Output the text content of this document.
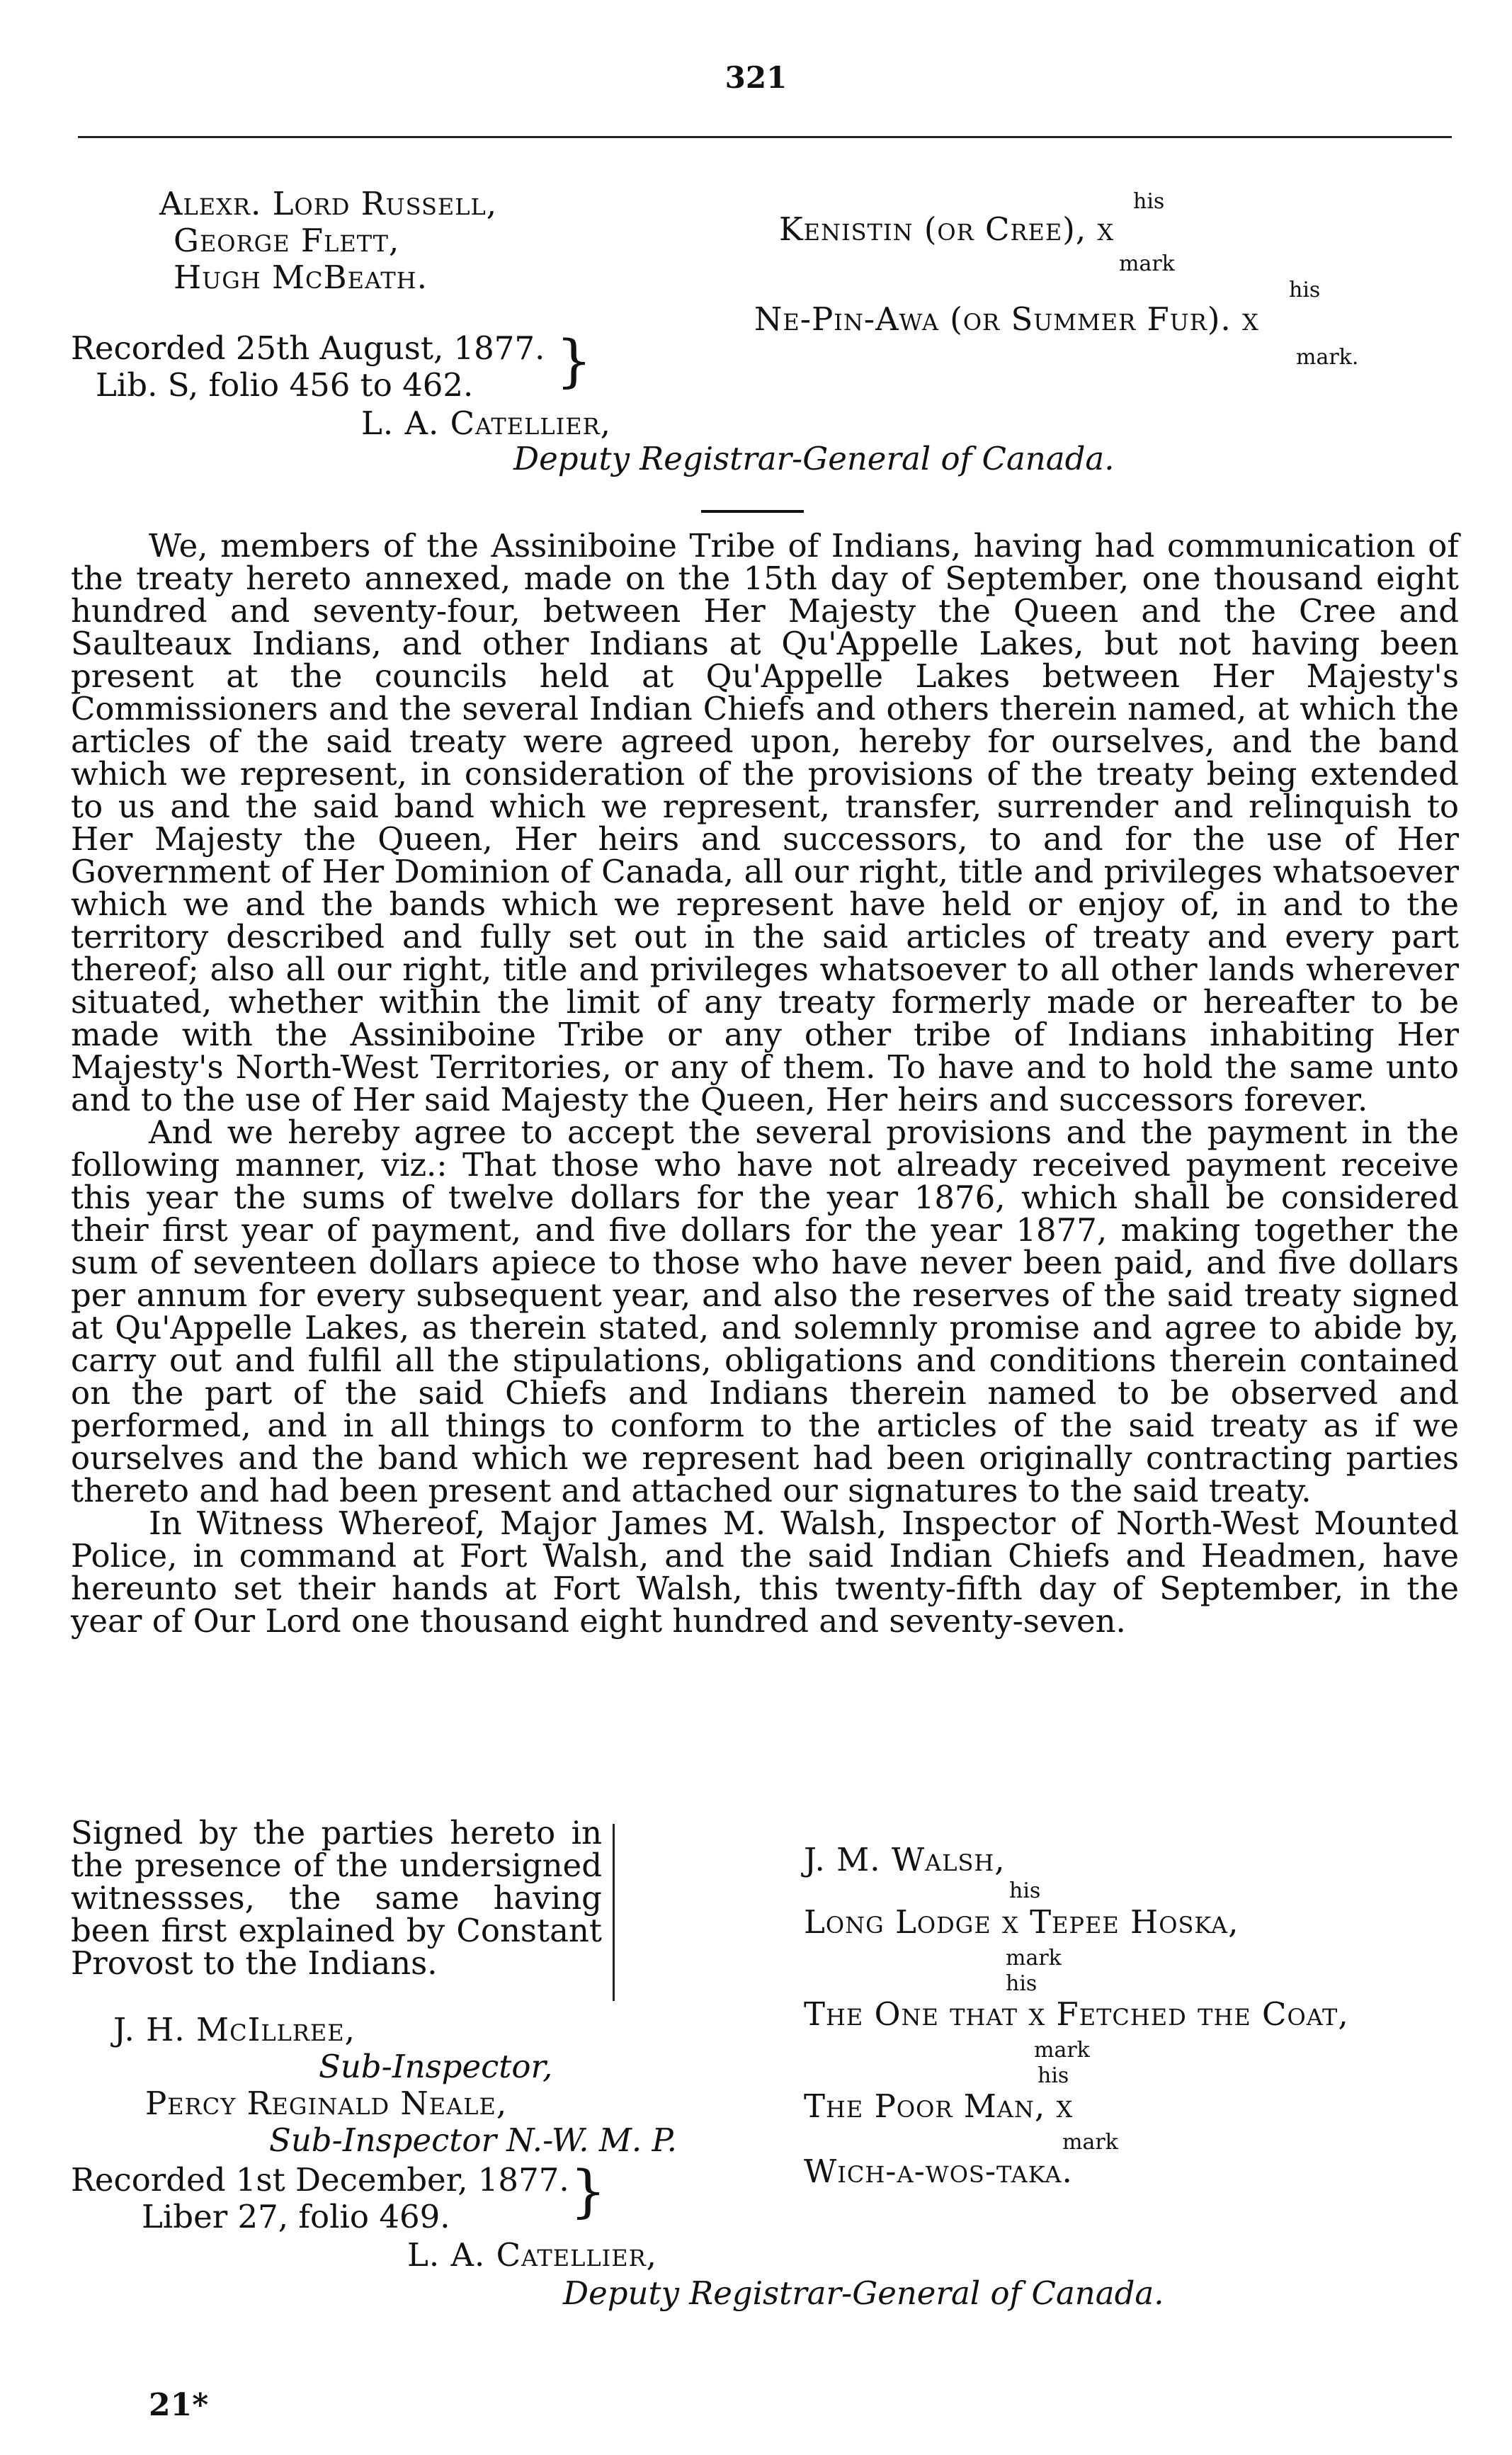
321
Alexr. Lord Russell,
George Flett,
Hugh McBeath.
Recorded 25th August, 1877.
Lib. S, folio 456 to 462. }
L. A. Catellier,
Deputy Registrar-General of Canada.
his
Kenistin (or Cree), x
mark
his
Ne-Pin-Awa (or Summer Fur). x
mark.

We, members of the Assiniboine Tribe of Indians, having had communication of the treaty hereto annexed, made on the 15th day of September, one thousand eight hundred and seventy-four, between Her Majesty the Queen and the Cree and Saulteaux Indians, and other Indians at Qu'Appelle Lakes, but not having been present at the councils held at Qu'Appelle Lakes between Her Majesty's Commissioners and the several Indian Chiefs and others therein named, at which the articles of the said treaty were agreed upon, hereby for ourselves, and the band which we represent, in consideration of the provisions of the treaty being extended to us and the said band which we represent, transfer, surrender and relinquish to Her Majesty the Queen, Her heirs and successors, to and for the use of Her Government of Her Dominion of Canada, all our right, title and privileges whatsoever which we and the bands which we represent have held or enjoy of, in and to the territory described and fully set out in the said articles of treaty and every part thereof; also all our right, title and privileges whatsoever to all other lands wherever situated, whether within the limit of any treaty formerly made or hereafter to be made with the Assiniboine Tribe or any other tribe of Indians inhabiting Her Majesty's North-West Territories, or any of them. To have and to hold the same unto and to the use of Her said Majesty the Queen, Her heirs and successors forever.

And we hereby agree to accept the several provisions and the payment in the following manner, viz.: That those who have not already received payment receive this year the sums of twelve dollars for the year 1876, which shall be considered their first year of payment, and five dollars for the year 1877, making together the sum of seventeen dollars apiece to those who have never been paid, and five dollars per annum for every subsequent year, and also the reserves of the said treaty signed at Qu'Appelle Lakes, as therein stated, and solemnly promise and agree to abide by, carry out and fulfil all the stipulations, obligations and conditions therein contained on the part of the said Chiefs and Indians therein named to be observed and performed, and in all things to conform to the articles of the said treaty as if we ourselves and the band which we represent had been originally contracting parties thereto and had been present and attached our signatures to the said treaty.

In Witness Whereof, Major James M. Walsh, Inspector of North-West Mounted Police, in command at Fort Walsh, and the said Indian Chiefs and Headmen, have hereunto set their hands at Fort Walsh, this twenty-fifth day of September, in the year of Our Lord one thousand eight hundred and seventy-seven.

Signed by the parties hereto in the presence of the undersigned witnessses, the same having been first explained by Constant Provost to the Indians.
J. H. McIllree,
Sub-Inspector,
Percy Reginald Neale,
Sub-Inspector N.-W. M. P.
Recorded 1st December, 1877.
Liber 27, folio 469. }
L. A. Catellier,
Deputy Registrar-General of Canada.
J. M. Walsh,
his
Long Lodge x Tepee Hoska,
mark
his
The One that x Fetched the Coat,
mark
his
The Poor Man, x
mark
Wich-a-wos-taka.
21*
